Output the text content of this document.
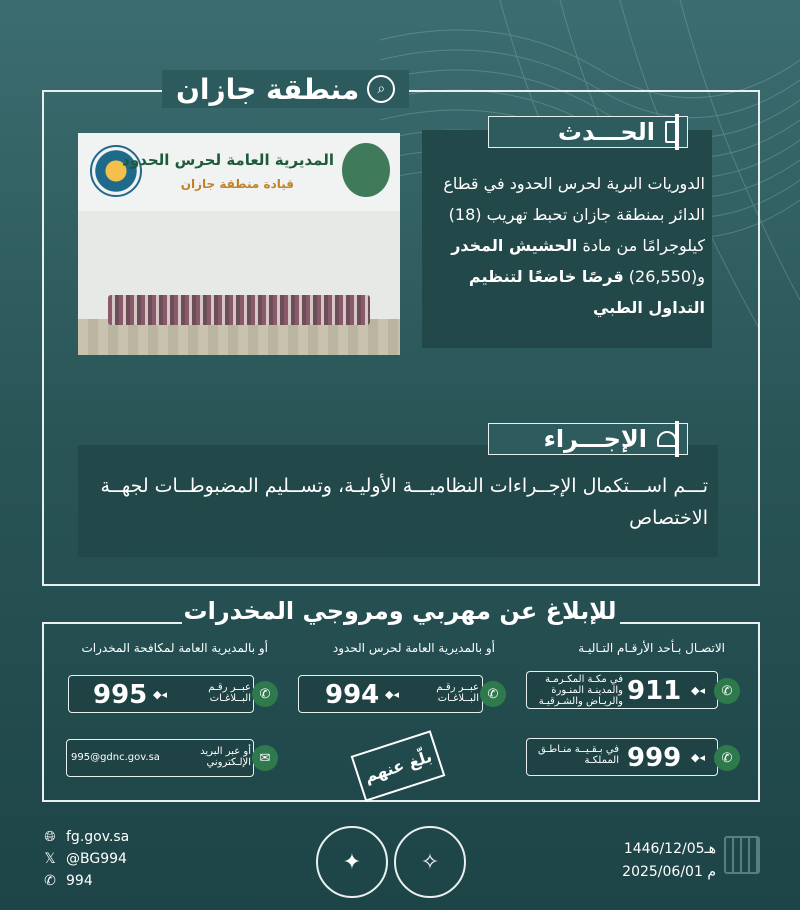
منطقة جازان	⌕
المديرية العامة لحرس الحدود
قيادة منطقة جازان
الحـــدث
الدوريات البرية لحرس الحدود في قطاع الدائر بمنطقة جازان تحبط تهريب (18) كيلوجرامًا من مادة الحشيش المخدر و(26,550) قرصًا خاضعًا لتنظيم التداول الطبي
الإجـــراء
تـــم اســـتكمال الإجــراءات النظاميـــة الأوليـة، وتســليم المضبوطــات لجهــة الاختصاص
للإبلاغ عن مهربي ومروجي المخدرات
الاتصـال بـأحد الأرقـام التـاليـة
أو بالمديرية العامة لحرس الحدود
أو بالمديرية العامة لمكافحة المخدرات
911 ◆◂
في مكـة المكـرمـة والمدينـة المنـورة والريـاض والشـرقيـة
✆
999 ◆◂
في بـقـيــة منـاطـق المملكـة	✆
994 ◆◂
عبــر رقـم البــلاغـات ✆
995 ◆◂
عبــر رقـم البــلاغـات ✆
995@gdnc.gov.sa
أو عبر البريد الإلـكتروني ✉	بلّغ عنهم
🌐︎ fg.gov.sa
𝕏 @BG994
✆ 994
✦	✧
1446/12/05هـ
2025/06/01 م
